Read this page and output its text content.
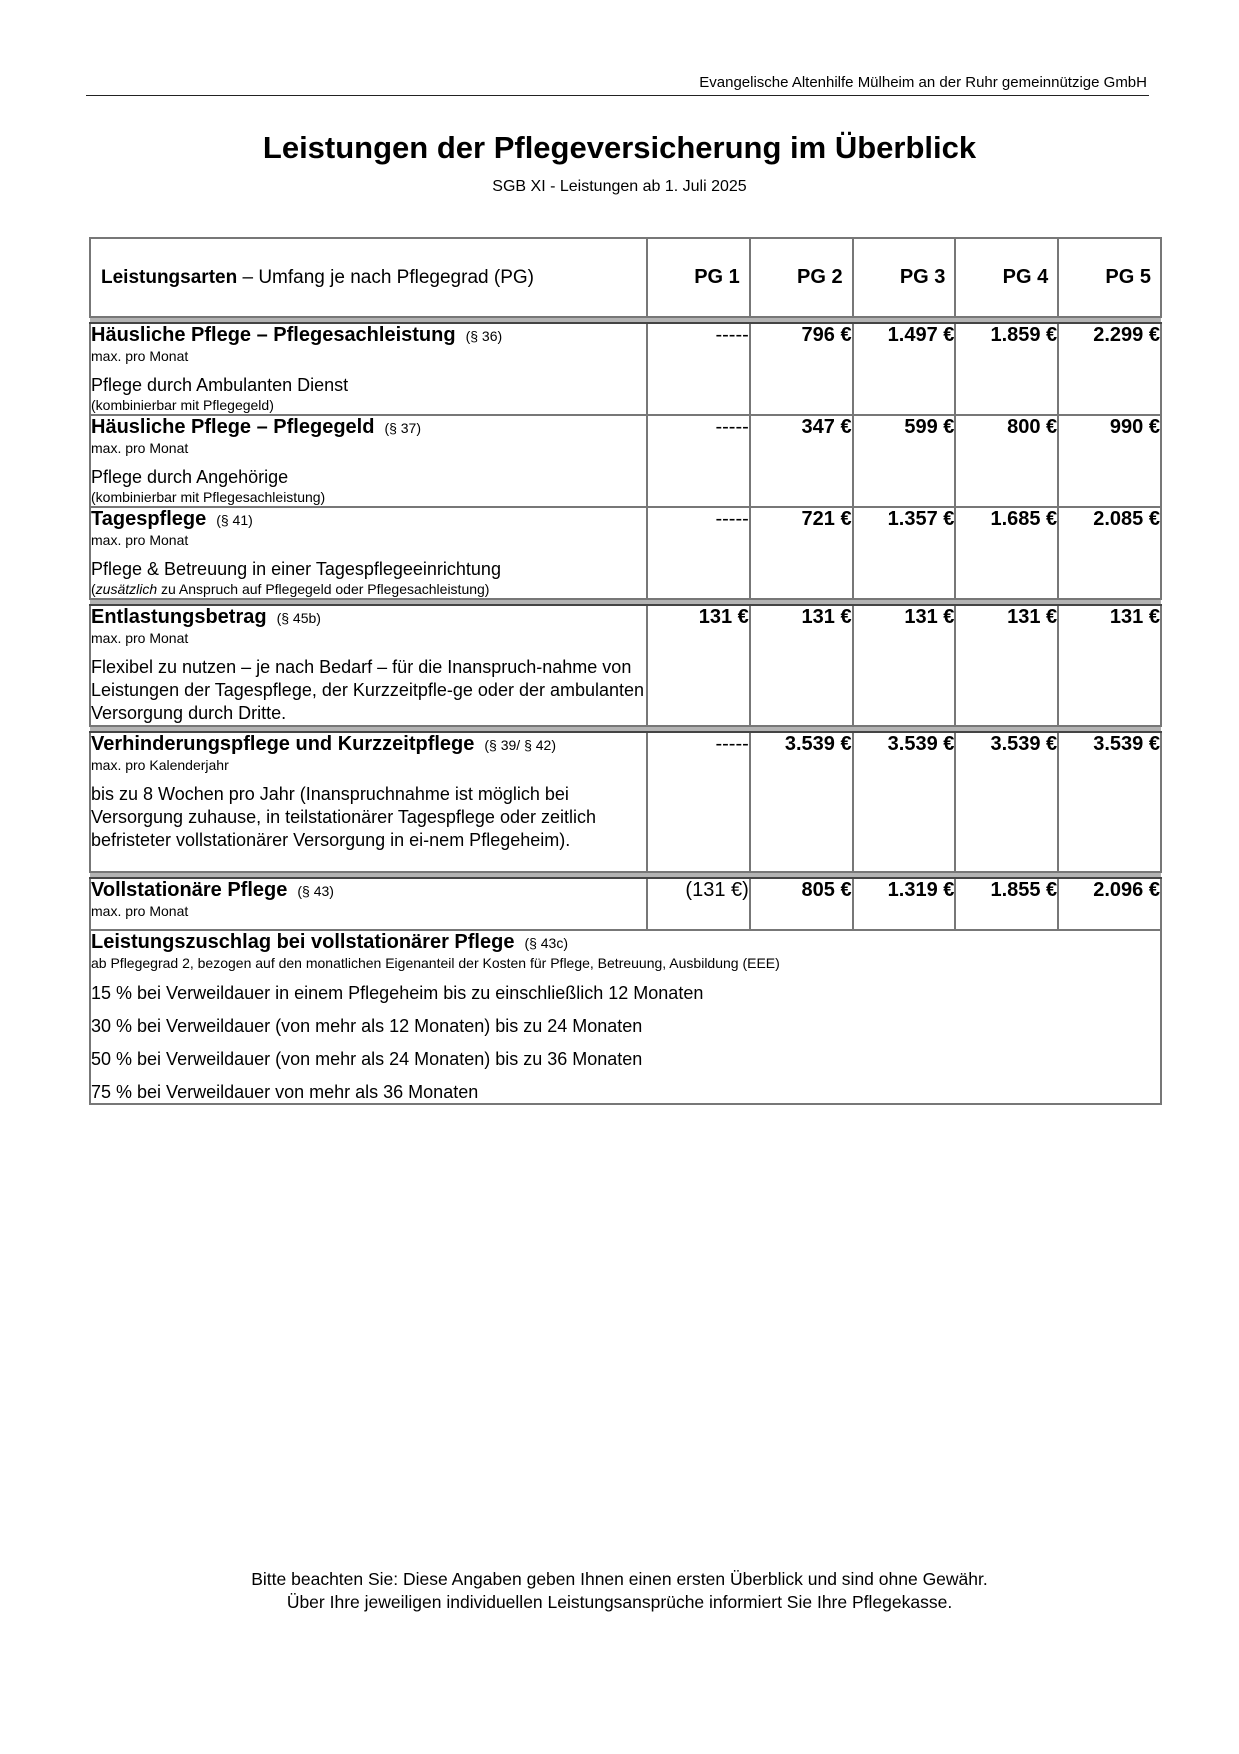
Evangelische Altenhilfe Mülheim an der Ruhr gemeinnützige GmbH
Leistungen der Pflegeversicherung im Überblick
SGB XI - Leistungen ab 1. Juli 2025
Leistungsarten – Umfang je nach Pflegegrad (PG)	PG 1	PG 2	PG 3	PG 4	PG 5

Häusliche Pflege – Pflegesachleistung (§ 36)
max. pro Monat
Pflege durch Ambulanten Dienst
(kombinierbar mit Pflegegeld)	-----	796 €	1.497 €	1.859 €	2.299 €

Häusliche Pflege – Pflegegeld (§ 37)
max. pro Monat
Pflege durch Angehörige
(kombinierbar mit Pflegesachleistung)	-----	347 €	599 €	800 €	990 €

Tagespflege (§ 41)
max. pro Monat
Pflege & Betreuung in einer Tagespflegeeinrichtung
(zusätzlich zu Anspruch auf Pflegegeld oder Pflegesachleistung)	-----	721 €	1.357 €	1.685 €	2.085 €

Entlastungsbetrag (§ 45b)
max. pro Monat
Flexibel zu nutzen – je nach Bedarf – für die Inanspruch-nahme von Leistungen der Tagespflege, der Kurzzeitpfle-ge oder der ambulanten Versorgung durch Dritte.	131 €	131 €	131 €	131 €	131 €

Verhinderungspflege und Kurzzeitpflege (§ 39/ § 42)
max. pro Kalenderjahr
bis zu 8 Wochen pro Jahr (Inanspruchnahme ist möglich bei Versorgung zuhause, in teilstationärer Tagespflege oder zeitlich befristeter vollstationärer Versorgung in ei-nem Pflegeheim).	-----	3.539 €	3.539 €	3.539 €	3.539 €

Vollstationäre Pflege (§ 43)
max. pro Monat	(131 €)	805 €	1.319 €	1.855 €	2.096 €

Leistungszuschlag bei vollstationärer Pflege (§ 43c)
ab Pflegegrad 2, bezogen auf den monatlichen Eigenanteil der Kosten für Pflege, Betreuung, Ausbildung (EEE)
15 % bei Verweildauer in einem Pflegeheim bis zu einschließlich 12 Monaten
30 % bei Verweildauer (von mehr als 12 Monaten) bis zu 24 Monaten
50 % bei Verweildauer (von mehr als 24 Monaten) bis zu 36 Monaten
75 % bei Verweildauer von mehr als 36 Monaten
Bitte beachten Sie: Diese Angaben geben Ihnen einen ersten Überblick und sind ohne Gewähr.
Über Ihre jeweiligen individuellen Leistungsansprüche informiert Sie Ihre Pflegekasse.
